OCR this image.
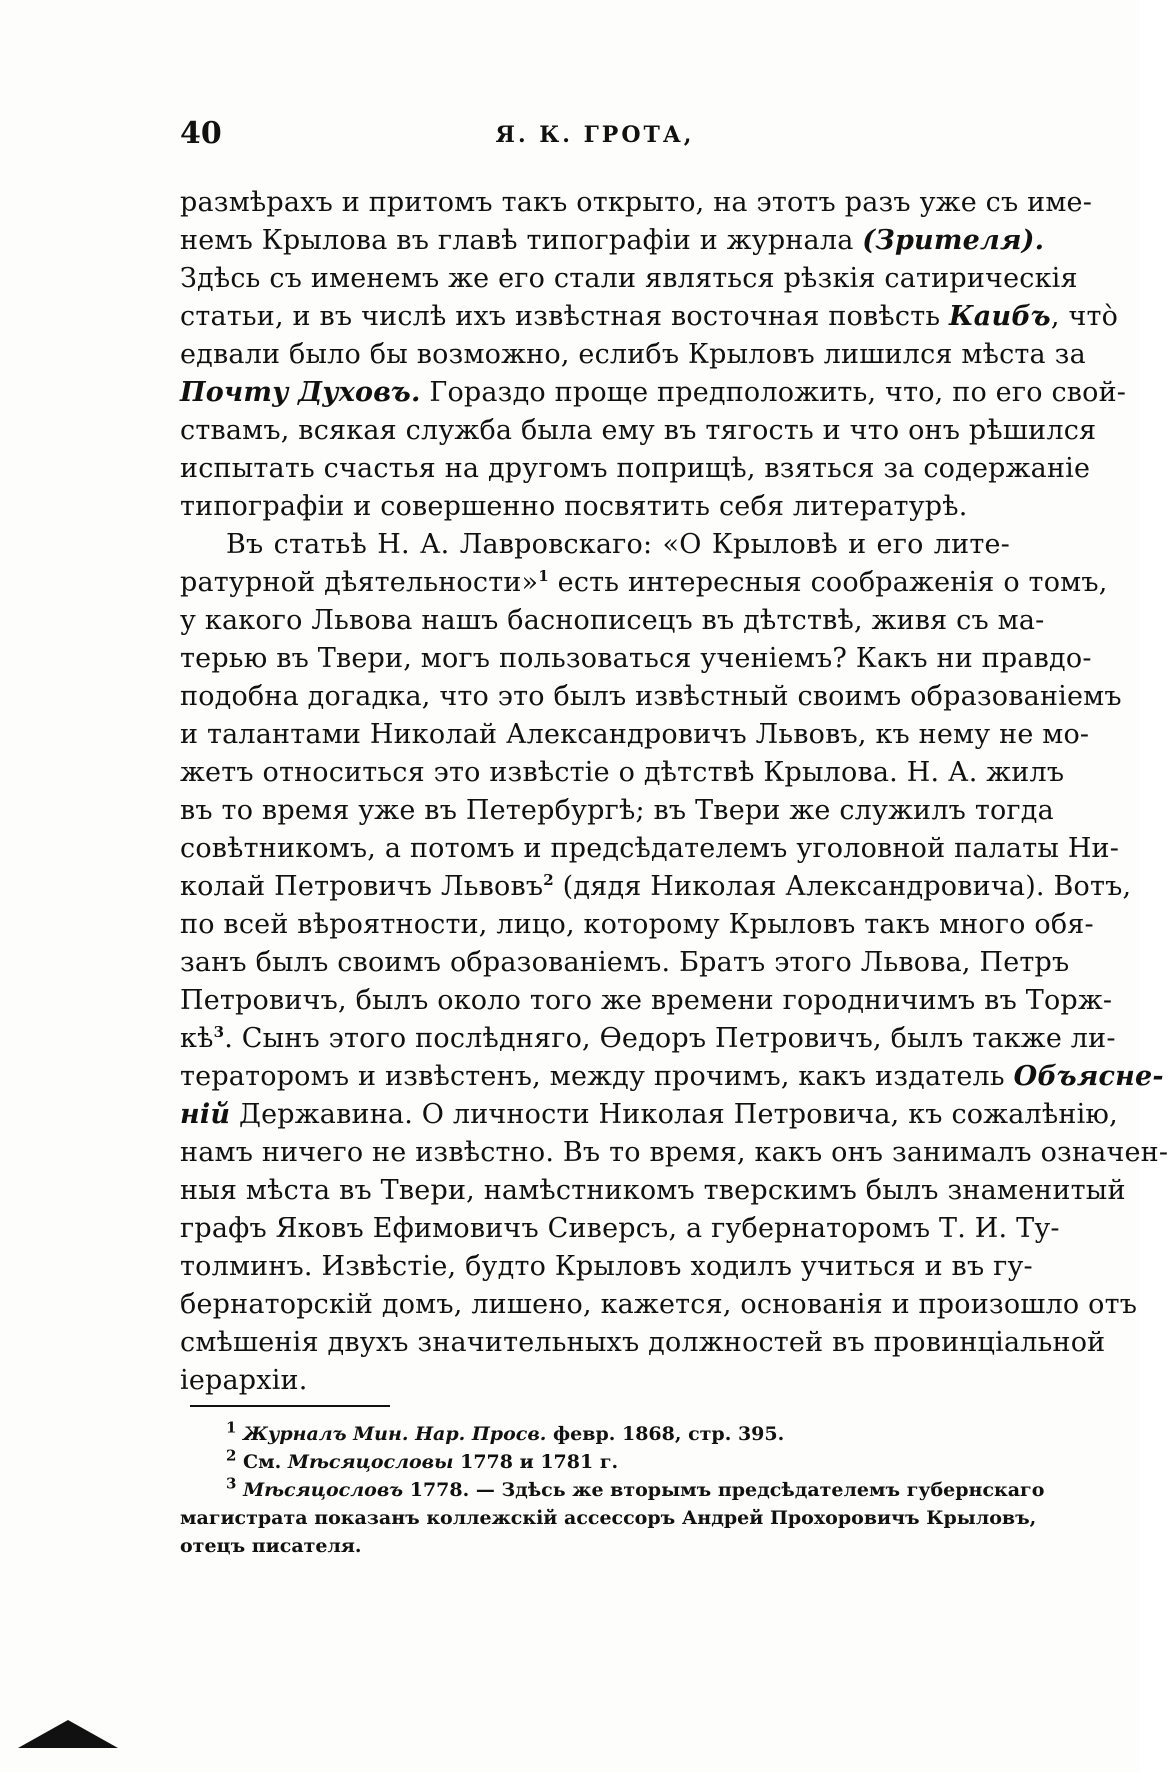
40	Я. К. ГРОТА,
размѣрахъ и притомъ такъ открыто, на этотъ разъ уже съ име-
немъ Крылова въ главѣ типографіи и журнала (Зрителя).
Здѣсь съ именемъ же его стали являться рѣзкія сатирическія
статьи, и въ числѣ ихъ извѣстная восточная повѣсть Каибъ, что̀
едвали было бы возможно, еслибъ Крыловъ лишился мѣста за
Почту Духовъ. Гораздо проще предположить, что, по его свой-
ствамъ, всякая служба была ему въ тягость и что онъ рѣшился
испытать счастья на другомъ поприщѣ, взяться за содержаніе
типографіи и совершенно посвятить себя литературѣ.
Въ статьѣ Н. А. Лавровскаго: «О Крыловѣ и его лите-
ратурной дѣятельности»$^1$ есть интересныя соображенія о томъ,
у какого Львова нашъ баснописецъ въ дѣтствѣ, живя съ ма-
терью въ Твери, могъ пользоваться ученіемъ? Какъ ни правдо-
подобна догадка, что это былъ извѣстный своимъ образованіемъ
и талантами Николай Александровичъ Львовъ, къ нему не мо-
жетъ относиться это извѣстіе о дѣтствѣ Крылова. Н. А. жилъ
въ то время уже въ Петербургѣ; въ Твери же служилъ тогда
совѣтникомъ, а потомъ и предсѣдателемъ уголовной палаты Ни-
колай Петровичъ Львовъ$^2$ (дядя Николая Александровича). Вотъ,
по всей вѣроятности, лицо, которому Крыловъ такъ много обя-
занъ былъ своимъ образованіемъ. Братъ этого Львова, Петръ
Петровичъ, былъ около того же времени городничимъ въ Торж-
$кѣ^3$. Сынъ этого послѣдняго, Ѳедоръ Петровичъ, былъ также ли-
тераторомъ и извѣстенъ, между прочимъ, какъ издатель Объясне-
ній Державина. О личности Николая Петровича, къ сожалѣнію,
намъ ничего не извѣстно. Въ то время, какъ онъ занималъ означен-
ныя мѣста въ Твери, намѣстникомъ тверскимъ былъ знаменитый
графъ Яковъ Ефимовичъ Сиверсъ, а губернаторомъ Т. И. Ту-
толминъ. Извѣстіе, будто Крыловъ ходилъ учиться и въ гу-
бернаторскій домъ, лишено, кажется, основанія и произошло отъ
смѣшенія двухъ значительныхъ должностей въ провинціальной
іерархіи.
$^1$ Журналъ Мин. Нар. Просв. февр. 1868, стр. 395.
$^2$ См. Мѣсяцословы 1778 и 1781 г.
$^3$ Мѣсяцословъ 1778. — Здѣсь же вторымъ предсѣдателемъ губернскаго
магистрата показанъ коллежскій ассессоръ Андрей Прохоровичъ Крыловъ,
отецъ писателя.
